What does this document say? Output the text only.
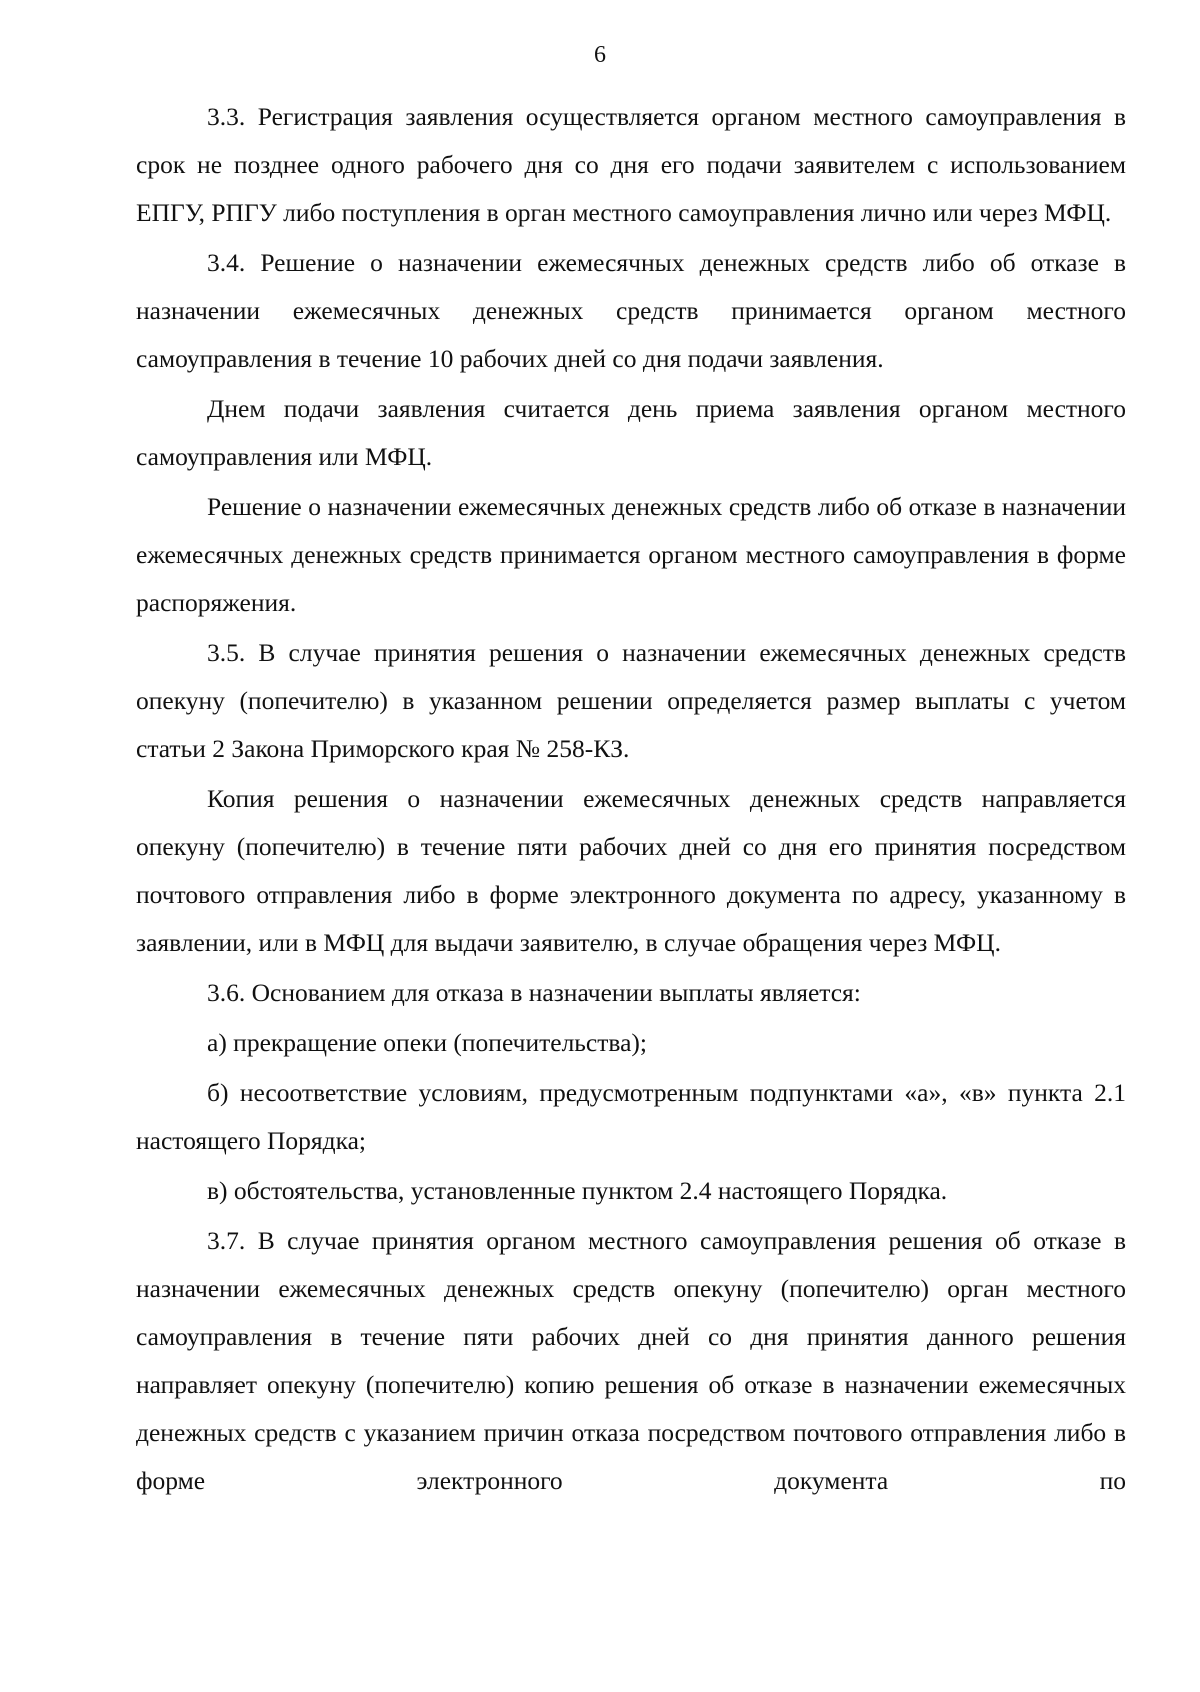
6

3.3. Регистрация заявления осуществляется органом местного самоуправления в срок не позднее одного рабочего дня со дня его подачи заявителем с использованием ЕПГУ, РПГУ либо поступления в орган местного самоуправления лично или через МФЦ.

3.4. Решение о назначении ежемесячных денежных средств либо об отказе в назначении ежемесячных денежных средств принимается органом местного самоуправления в течение 10 рабочих дней со дня подачи заявления.

Днем подачи заявления считается день приема заявления органом местного самоуправления или МФЦ.

Решение о назначении ежемесячных денежных средств либо об отказе в назначении ежемесячных денежных средств принимается органом местного самоуправления в форме распоряжения.

3.5. В случае принятия решения о назначении ежемесячных денежных средств опекуну (попечителю) в указанном решении определяется размер выплаты с учетом статьи 2 Закона Приморского края № 258-КЗ.

Копия решения о назначении ежемесячных денежных средств направляется опекуну (попечителю) в течение пяти рабочих дней со дня его принятия посредством почтового отправления либо в форме электронного документа по адресу, указанному в заявлении, или в МФЦ для выдачи заявителю, в случае обращения через МФЦ.

3.6. Основанием для отказа в назначении выплаты является:

а) прекращение опеки (попечительства);

б) несоответствие условиям, предусмотренным подпунктами «а», «в» пункта 2.1 настоящего Порядка;

в) обстоятельства, установленные пунктом 2.4 настоящего Порядка.

3.7. В случае принятия органом местного самоуправления решения об отказе в назначении ежемесячных денежных средств опекуну (попечителю) орган местного самоуправления в течение пяти рабочих дней со дня принятия данного решения направляет опекуну (попечителю) копию решения об отказе в назначении ежемесячных денежных средств с указанием причин отказа посредством почтового отправления либо в форме электронного документа по
